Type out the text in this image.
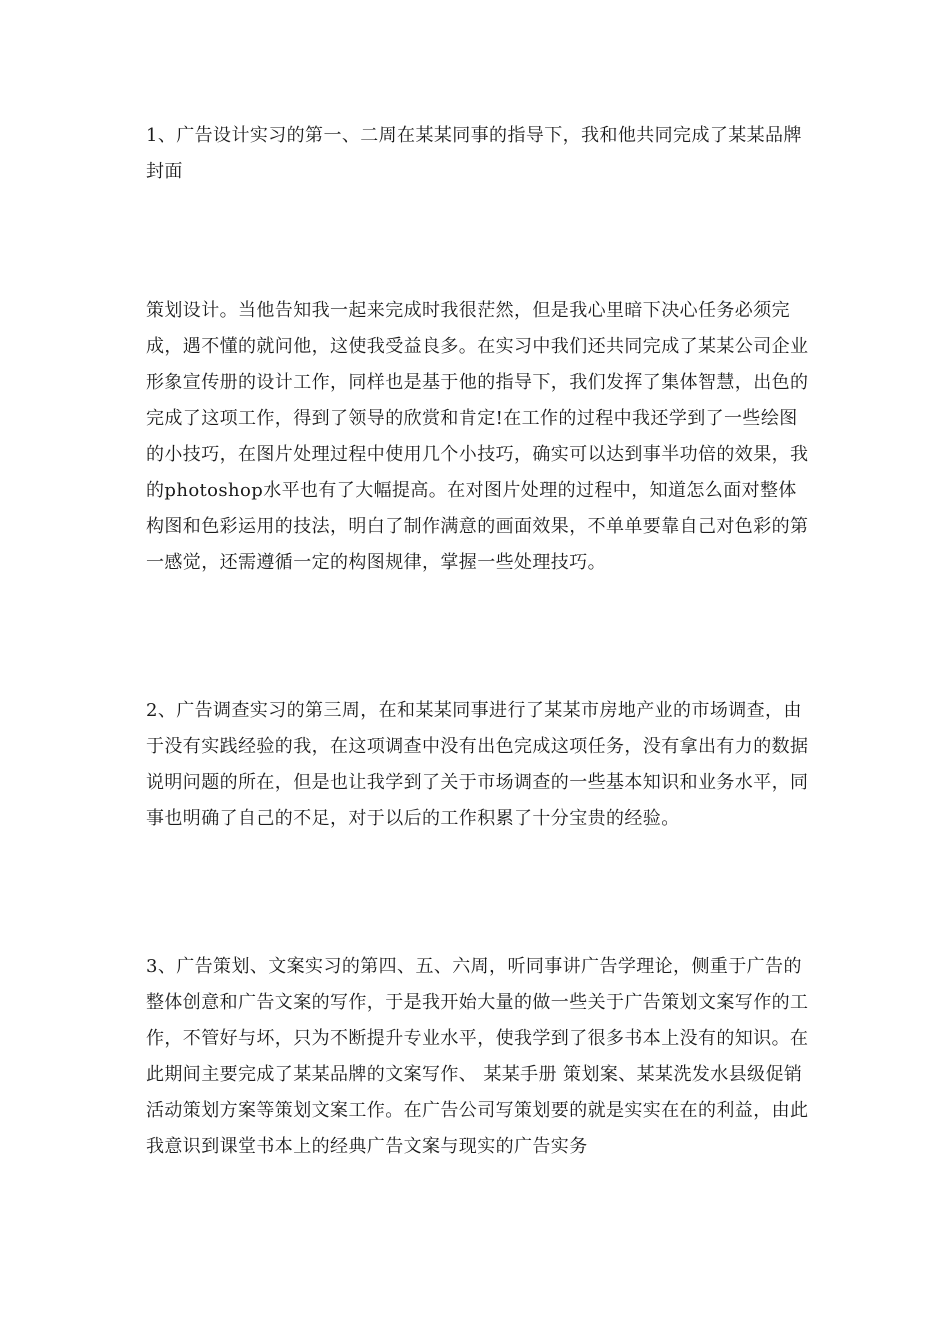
1、广告设计实习的第一、二周在某某同事的指导下，我和他共同完成了某某品牌封面

策划设计。当他告知我一起来完成时我很茫然，但是我心里暗下决心任务必须完成，遇不懂的就问他，这使我受益良多。在实习中我们还共同完成了某某公司企业形象宣传册的设计工作，同样也是基于他的指导下，我们发挥了集体智慧，出色的完成了这项工作，得到了领导的欣赏和肯定!在工作的过程中我还学到了一些绘图的小技巧，在图片处理过程中使用几个小技巧，确实可以达到事半功倍的效果，我的photoshop水平也有了大幅提高。在对图片处理的过程中，知道怎么面对整体构图和色彩运用的技法，明白了制作满意的画面效果，不单单要靠自己对色彩的第一感觉，还需遵循一定的构图规律，掌握一些处理技巧。

2、广告调查实习的第三周，在和某某同事进行了某某市房地产业的市场调查，由于没有实践经验的我，在这项调查中没有出色完成这项任务，没有拿出有力的数据说明问题的所在，但是也让我学到了关于市场调查的一些基本知识和业务水平，同事也明确了自己的不足，对于以后的工作积累了十分宝贵的经验。

3、广告策划、文案实习的第四、五、六周，听同事讲广告学理论，侧重于广告的整体创意和广告文案的写作，于是我开始大量的做一些关于广告策划文案写作的工作，不管好与坏，只为不断提升专业水平，使我学到了很多书本上没有的知识。在此期间主要完成了某某品牌的文案写作、 某某手册 策划案、某某洗发水县级促销活动策划方案等策划文案工作。在广告公司写策划要的就是实实在在的利益，由此我意识到课堂书本上的经典广告文案与现实的广告实务
